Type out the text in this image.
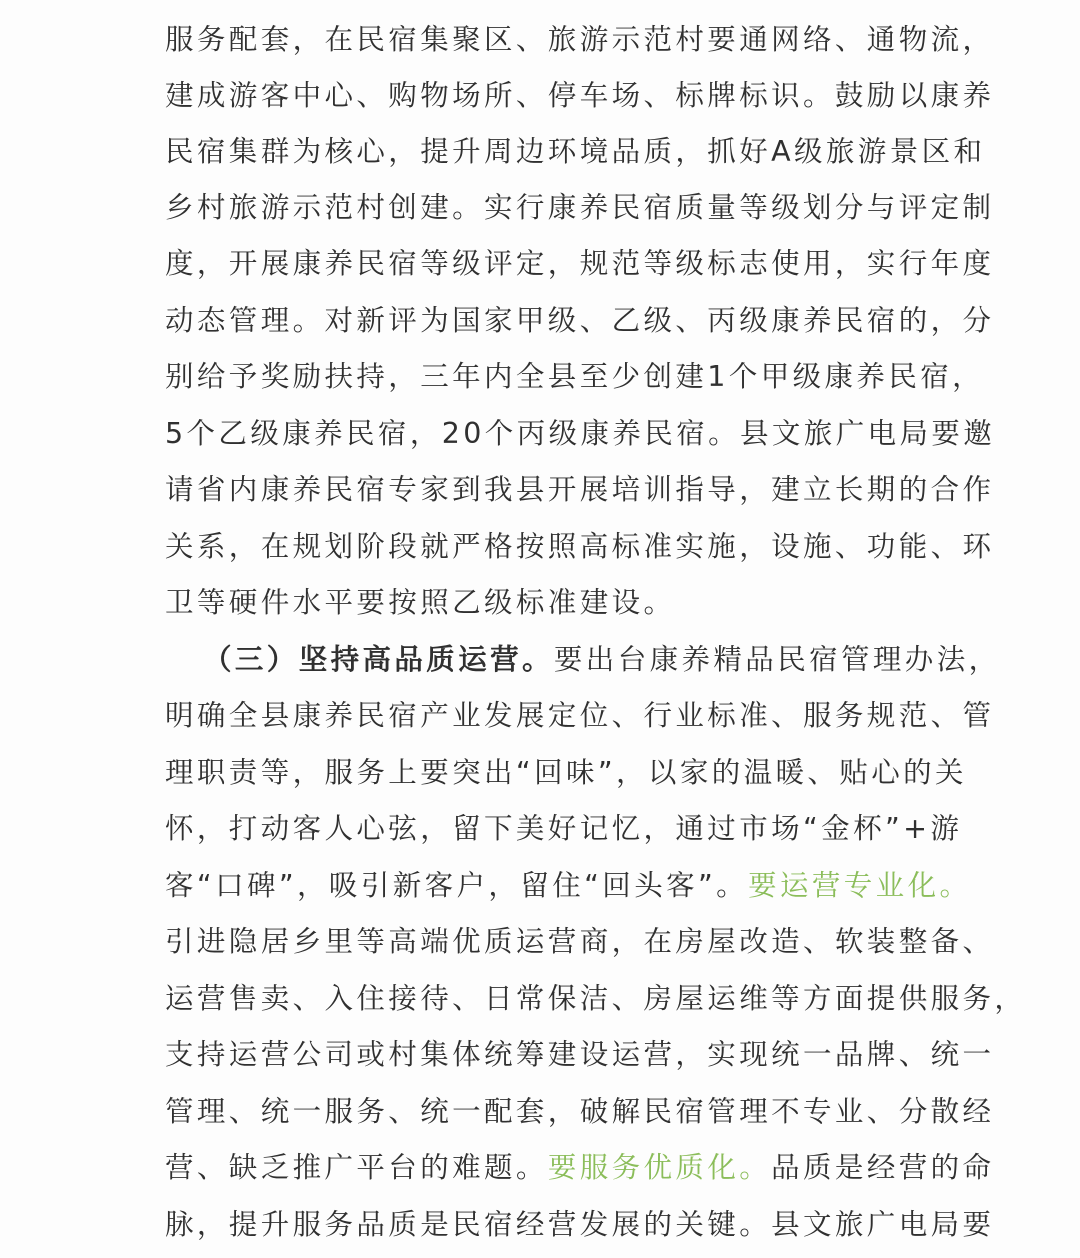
服务配套，在民宿集聚区、旅游示范村要通网络、通物流，
建成游客中心、购物场所、停车场、标牌标识。鼓励以康养
民宿集群为核心，提升周边环境品质，抓好A级旅游景区和
乡村旅游示范村创建。实行康养民宿质量等级划分与评定制
度，开展康养民宿等级评定，规范等级标志使用，实行年度
动态管理。对新评为国家甲级、乙级、丙级康养民宿的，分
别给予奖励扶持，三年内全县至少创建1个甲级康养民宿，
5个乙级康养民宿，20个丙级康养民宿。县文旅广电局要邀
请省内康养民宿专家到我县开展培训指导，建立长期的合作
关系，在规划阶段就严格按照高标准实施，设施、功能、环
卫等硬件水平要按照乙级标准建设。
（三）坚持高品质运营。要出台康养精品民宿管理办法，
明确全县康养民宿产业发展定位、行业标准、服务规范、管
理职责等，服务上要突出“回味”，以家的温暖、贴心的关
怀，打动客人心弦，留下美好记忆，通过市场“金杯”+游
客“口碑”，吸引新客户，留住“回头客”。要运营专业化。
引进隐居乡里等高端优质运营商，在房屋改造、软装整备、
运营售卖、入住接待、日常保洁、房屋运维等方面提供服务，
支持运营公司或村集体统筹建设运营，实现统一品牌、统一
管理、统一服务、统一配套，破解民宿管理不专业、分散经
营、缺乏推广平台的难题。要服务优质化。品质是经营的命
脉，提升服务品质是民宿经营发展的关键。县文旅广电局要
